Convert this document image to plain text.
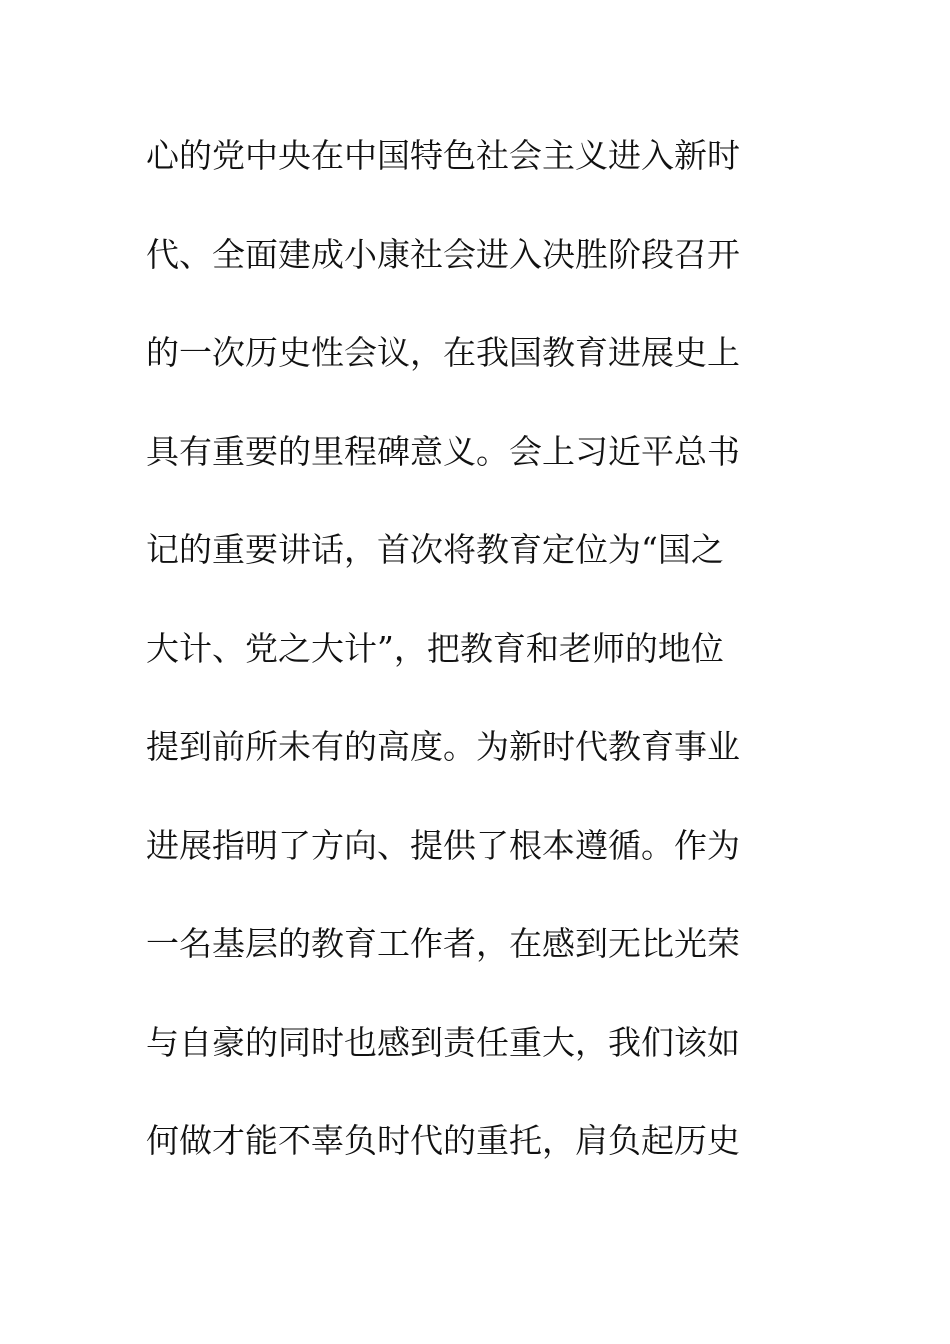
心的党中央在中国特色社会主义进入新时
代、全面建成小康社会进入决胜阶段召开
的一次历史性会议，在我国教育进展史上
具有重要的里程碑意义。会上习近平总书
记的重要讲话，首次将教育定位为“国之
大计、党之大计”，把教育和老师的地位
提到前所未有的高度。为新时代教育事业
进展指明了方向、提供了根本遵循。作为
一名基层的教育工作者，在感到无比光荣
与自豪的同时也感到责任重大，我们该如
何做才能不辜负时代的重托，肩负起历史
